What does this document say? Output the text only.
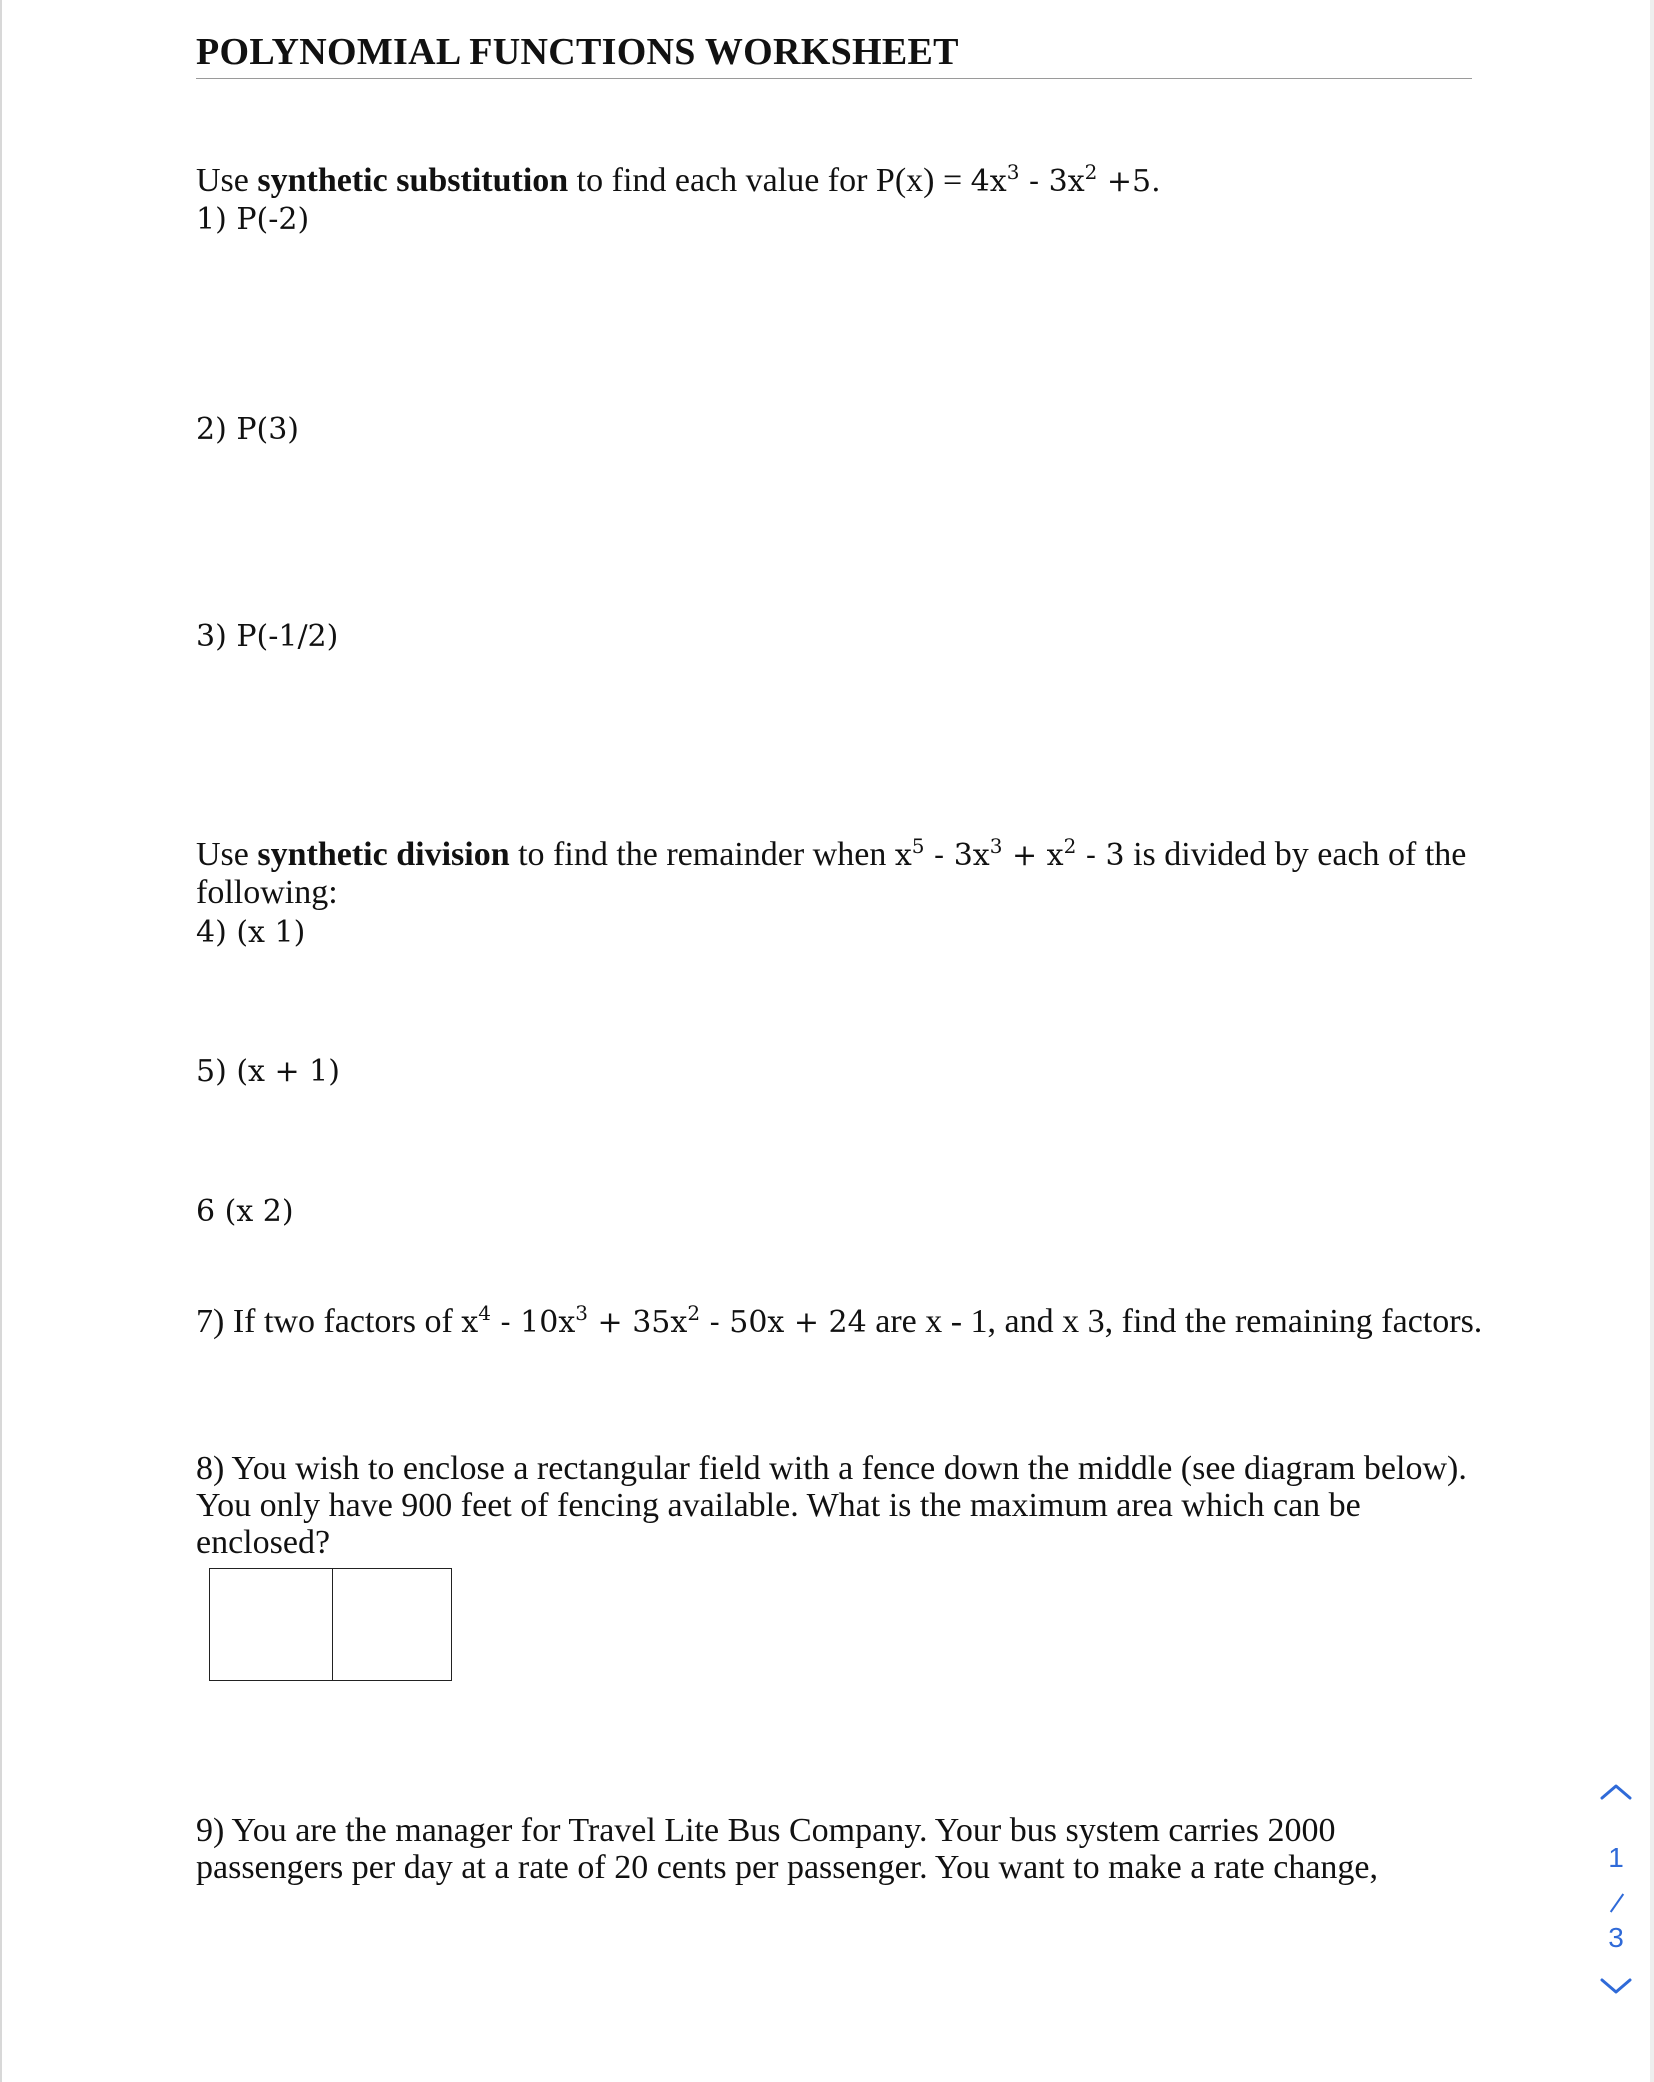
POLYNOMIAL FUNCTIONS WORKSHEET
Use synthetic substitution to find each value for $P(x) = 4x^3 - 3x^2 +5$.
1) P(-2)
2) P(3)
3) P(-1/2)
Use synthetic division to find the remainder when $x^5 - 3x^3 + x^2 - 3$ is divided by each of the following:
4) (x 1)
5) (x + 1)
6 (x 2)
7) If two factors of $x^4 - 10x^3 + 35x^2 - 50x + 24$ are x - 1, and x 3, find the remaining factors.
8) You wish to enclose a rectangular field with a fence down the middle (see diagram below). You only have 900 feet of fencing available. What is the maximum area which can be enclosed?
9) You are the manager for Travel Lite Bus Company. Your bus system carries 2000 passengers per day at a rate of 20 cents per passenger. You want to make a rate change,	1
3
